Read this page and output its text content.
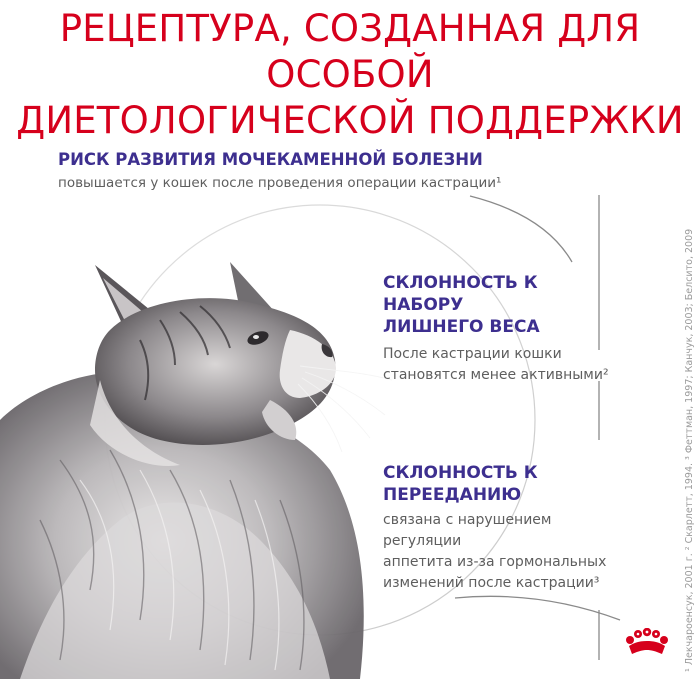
РЕЦЕПТУРА, СОЗДАННАЯ ДЛЯ ОСОБОЙ
ДИЕТОЛОГИЧЕСКОЙ ПОДДЕРЖКИ

РИСК РАЗВИТИЯ МОЧЕКАМЕННОЙ БОЛЕЗНИ

повышается у кошек после проведения операции кастрации¹

СКЛОННОСТЬ К НАБОРУ
ЛИШНЕГО ВЕСА

После кастрации кошки
становятся менее активными²

СКЛОННОСТЬ К ПЕРЕЕДАНИЮ

связана с нарушением регуляции
аппетита из-за гормональных
изменений после кастрации³	¹ Лекчароенсук, 2001 г. ² Скарлетт, 1994. ³ Феттман, 1997; Канчук, 2003; Белсито, 2009
